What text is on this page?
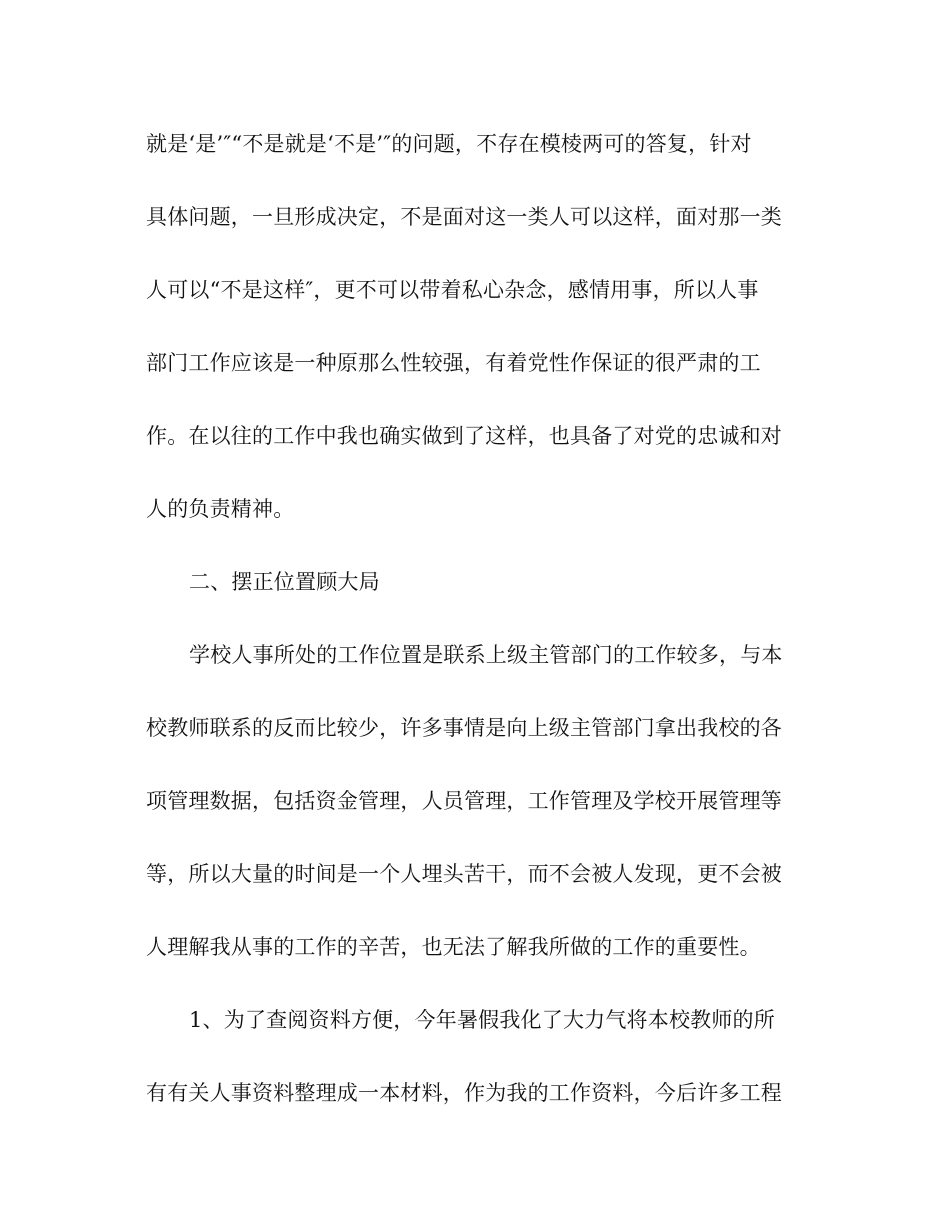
就是‘是’″“不是就是‘不是’″的问题，不存在模棱两可的答复，针对
具体问题，一旦形成决定，不是面对这一类人可以这样，面对那一类
人可以“不是这样″，更不可以带着私心杂念，感情用事，所以人事
部门工作应该是一种原那么性较强，有着党性作保证的很严肃的工
作。在以往的工作中我也确实做到了这样，也具备了对党的忠诚和对
人的负责精神。
二、摆正位置顾大局
学校人事所处的工作位置是联系上级主管部门的工作较多，与本
校教师联系的反而比较少，许多事情是向上级主管部门拿出我校的各
项管理数据，包括资金管理，人员管理，工作管理及学校开展管理等
等，所以大量的时间是一个人埋头苦干，而不会被人发现，更不会被
人理解我从事的工作的辛苦，也无法了解我所做的工作的重要性。
1、为了查阅资料方便，今年暑假我化了大力气将本校教师的所
有有关人事资料整理成一本材料，作为我的工作资料，今后许多工程
